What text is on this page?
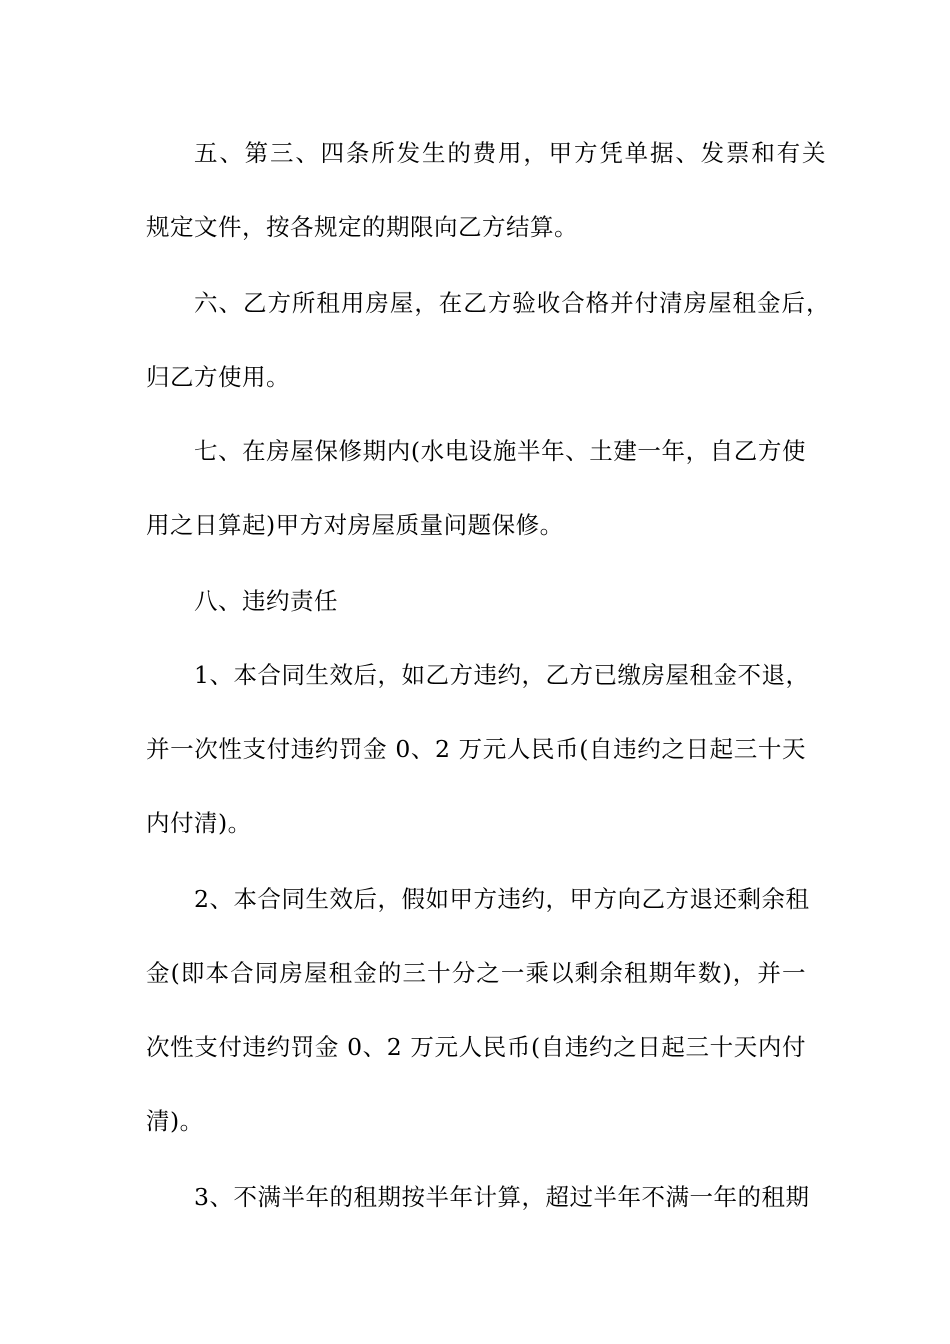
五、第三、四条所发生的费用，甲方凭单据、发票和有关

规定文件，按各规定的期限向乙方结算。

六、乙方所租用房屋，在乙方验收合格并付清房屋租金后，

归乙方使用。

七、在房屋保修期内(水电设施半年、土建一年，自乙方使

用之日算起)甲方对房屋质量问题保修。

八、违约责任

1、本合同生效后，如乙方违约，乙方已缴房屋租金不退，

并一次性支付违约罚金 0、2 万元人民币(自违约之日起三十天

内付清)。

2、本合同生效后，假如甲方违约，甲方向乙方退还剩余租

金(即本合同房屋租金的三十分之一乘以剩余租期年数)，并一

次性支付违约罚金 0、2 万元人民币(自违约之日起三十天内付

清)。

3、不满半年的租期按半年计算，超过半年不满一年的租期
